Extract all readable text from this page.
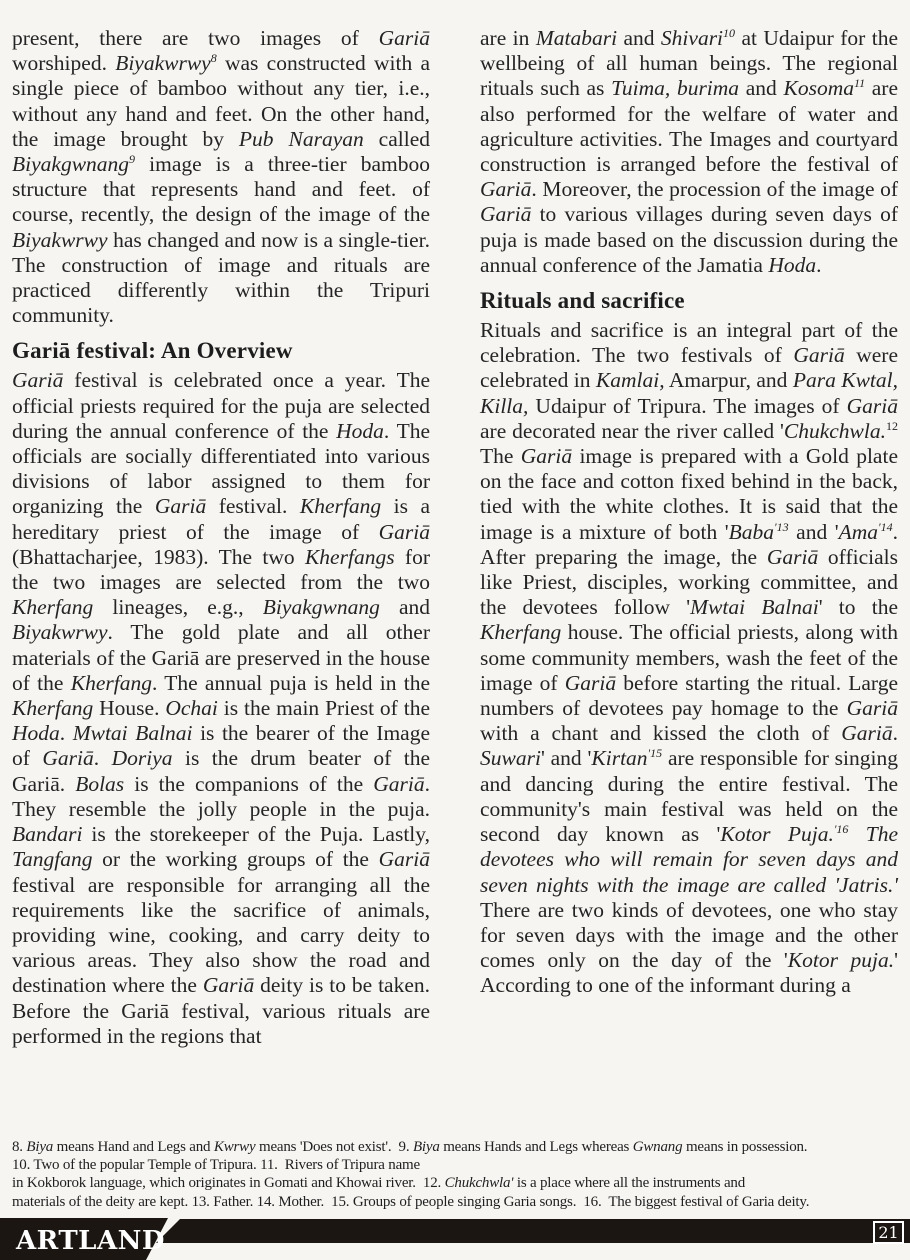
present, there are two images of Gariā worshiped. Biyakwrwy$^8$ was constructed with a single piece of bamboo without any tier, i.e., without any hand and feet. On the other hand, the image brought by Pub Narayan called Biyakgwnang$^9$ image is a three-tier bamboo structure that represents hand and feet. of course, recently, the design of the image of the Biyakwrwy has changed and now is a single-tier. The construction of image and rituals are practiced differently within the Tripuri community.

Gariā festival: An Overview

Gariā festival is celebrated once a year. The official priests required for the puja are selected during the annual conference of the Hoda. The officials are socially differentiated into various divisions of labor assigned to them for organizing the Gariā festival. Kherfang is a hereditary priest of the image of Gariā (Bhattacharjee, 1983). The two Kherfangs for the two images are selected from the two Kherfang lineages, e.g., Biyakgwnang and Biyakwrwy. The gold plate and all other materials of the Gariā are preserved in the house of the Kherfang. The annual puja is held in the Kherfang House. Ochai is the main Priest of the Hoda. Mwtai Balnai is the bearer of the Image of Gariā. Doriya is the drum beater of the Gariā. Bolas is the companions of the Gariā. They resemble the jolly people in the puja. Bandari is the storekeeper of the Puja. Lastly, Tangfang or the working groups of the Gariā festival are responsible for arranging all the requirements like the sacrifice of animals, providing wine, cooking, and carry deity to various areas. They also show the road and destination where the Gariā deity is to be taken. Before the Gariā festival, various rituals are performed in the regions that

are in Matabari and Shivari$^{10}$ at Udaipur for the wellbeing of all human beings. The regional rituals such as Tuima, burima and Kosoma$^{11}$ are also performed for the welfare of water and agriculture activities. The Images and courtyard construction is arranged before the festival of Gariā. Moreover, the procession of the image of Gariā to various villages during seven days of puja is made based on the discussion during the annual conference of the Jamatia Hoda.

Rituals and sacrifice

Rituals and sacrifice is an integral part of the celebration. The two festivals of Gariā were celebrated in Kamlai, Amarpur, and Para Kwtal, Killa, Udaipur of Tripura. The images of Gariā are decorated near the river called 'Chukchwla.$^{12}$ The Gariā image is prepared with a Gold plate on the face and cotton fixed behind in the back, tied with the white clothes. It is said that the image is a mixture of both 'Baba$^{'13}$ and 'Ama$^{'14}$. After preparing the image, the Gariā officials like Priest, disciples, working committee, and the devotees follow 'Mwtai Balnai' to the Kherfang house. The official priests, along with some community members, wash the feet of the image of Gariā before starting the ritual. Large numbers of devotees pay homage to the Gariā with a chant and kissed the cloth of Gariā. Suwari' and 'Kirtan$^{'15}$ are responsible for singing and dancing during the entire festival. The community's main festival was held on the second day known as 'Kotor Puja.$^{'16}$ The devotees who will remain for seven days and seven nights with the image are called 'Jatris.' There are two kinds of devotees, one who stay for seven days with the image and the other comes only on the day of the 'Kotor puja.' According to one of the informant during a

8. Biya means Hand and Legs and Kwrwy means 'Does not exist'.  9. Biya means Hands and Legs whereas Gwnang means in possession.
10. Two of the popular Temple of Tripura. 11.  Rivers of Tripura name
in Kokborok language, which originates in Gomati and Khowai river.  12. Chukchwla' is a place where all the instruments and
materials of the deity are kept. 13. Father. 14. Mother.  15. Groups of people singing Garia songs.  16.  The biggest festival of Garia deity.
ARTLAND	21
